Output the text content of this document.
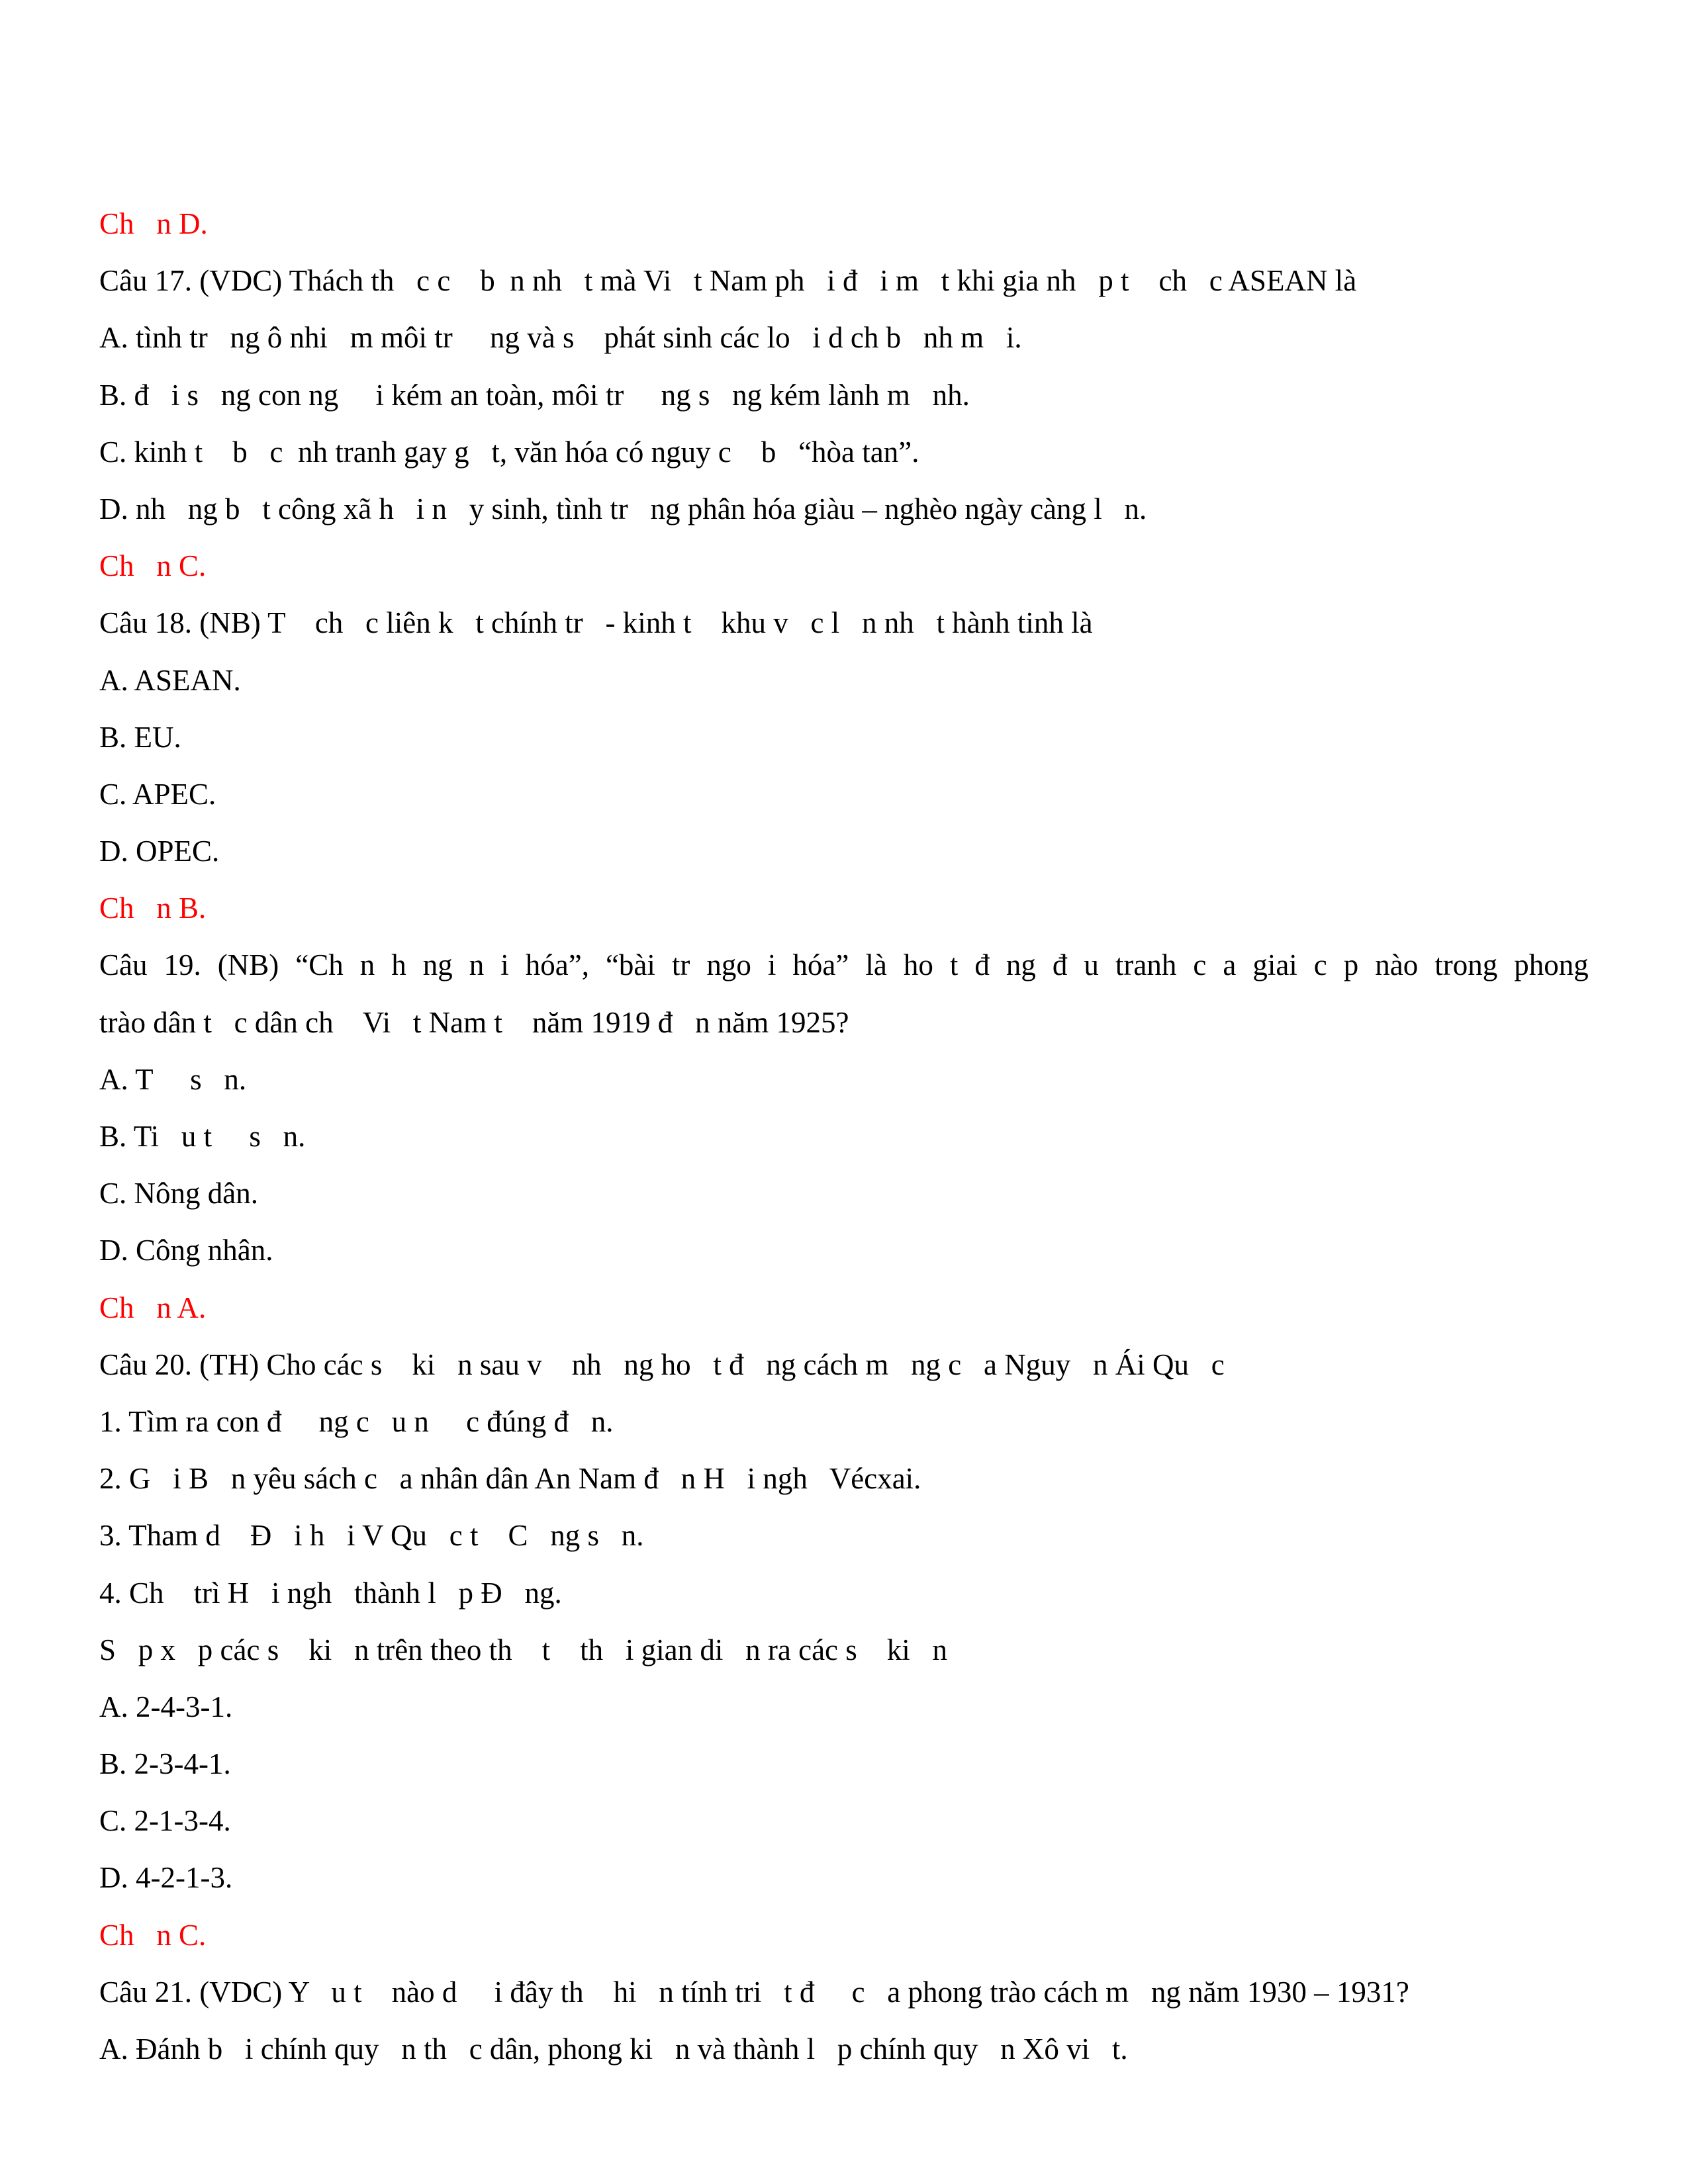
Ch   n D.
Câu 17. (VDC) Thách th   c c    b  n nh   t mà Vi   t Nam ph   i đ   i m   t khi gia nh   p t    ch   c ASEAN là
A. tình tr   ng ô nhi   m môi tr     ng và s    phát sinh các lo   i d ch b   nh m   i.
B. đ   i s   ng con ng     i kém an toàn, môi tr     ng s   ng kém lành m   nh.
C. kinh t    b   c  nh tranh gay g   t, văn hóa có nguy c    b   “hòa tan”.
D. nh   ng b   t công xã h   i n   y sinh, tình tr   ng phân hóa giàu – nghèo ngày càng l   n.
Ch   n C.
Câu 18. (NB) T    ch   c liên k   t chính tr   - kinh t    khu v   c l   n nh   t hành tinh là
A. ASEAN.
B. EU.
C. APEC.
D. OPEC.
Ch   n B.
Câu 19. (NB) “Ch n h ng n i hóa”, “bài tr ngo i hóa” là ho t đ ng đ u tranh c a giai c p nào trong phong
trào dân t   c dân ch    Vi   t Nam t    năm 1919 đ   n năm 1925?
A. T     s   n.
B. Ti   u t     s   n.
C. Nông dân.
D. Công nhân.
Ch   n A.
Câu 20. (TH) Cho các s    ki   n sau v    nh   ng ho   t đ   ng cách m   ng c   a Nguy   n Ái Qu   c
1. Tìm ra con đ     ng c   u n     c đúng đ   n.
2. G   i B   n yêu sách c   a nhân dân An Nam đ   n H   i ngh   Vécxai.
3. Tham d    Đ   i h   i V Qu   c t    C   ng s   n.
4. Ch    trì H   i ngh   thành l   p Đ   ng.
S   p x   p các s    ki   n trên theo th    t    th   i gian di   n ra các s    ki   n
A. 2-4-3-1.
B. 2-3-4-1.
C. 2-1-3-4.
D. 4-2-1-3.
Ch   n C.
Câu 21. (VDC) Y   u t    nào d     i đây th    hi   n tính tri   t đ     c   a phong trào cách m   ng năm 1930 – 1931?
A. Đánh b   i chính quy   n th   c dân, phong ki   n và thành l   p chính quy   n Xô vi   t.
